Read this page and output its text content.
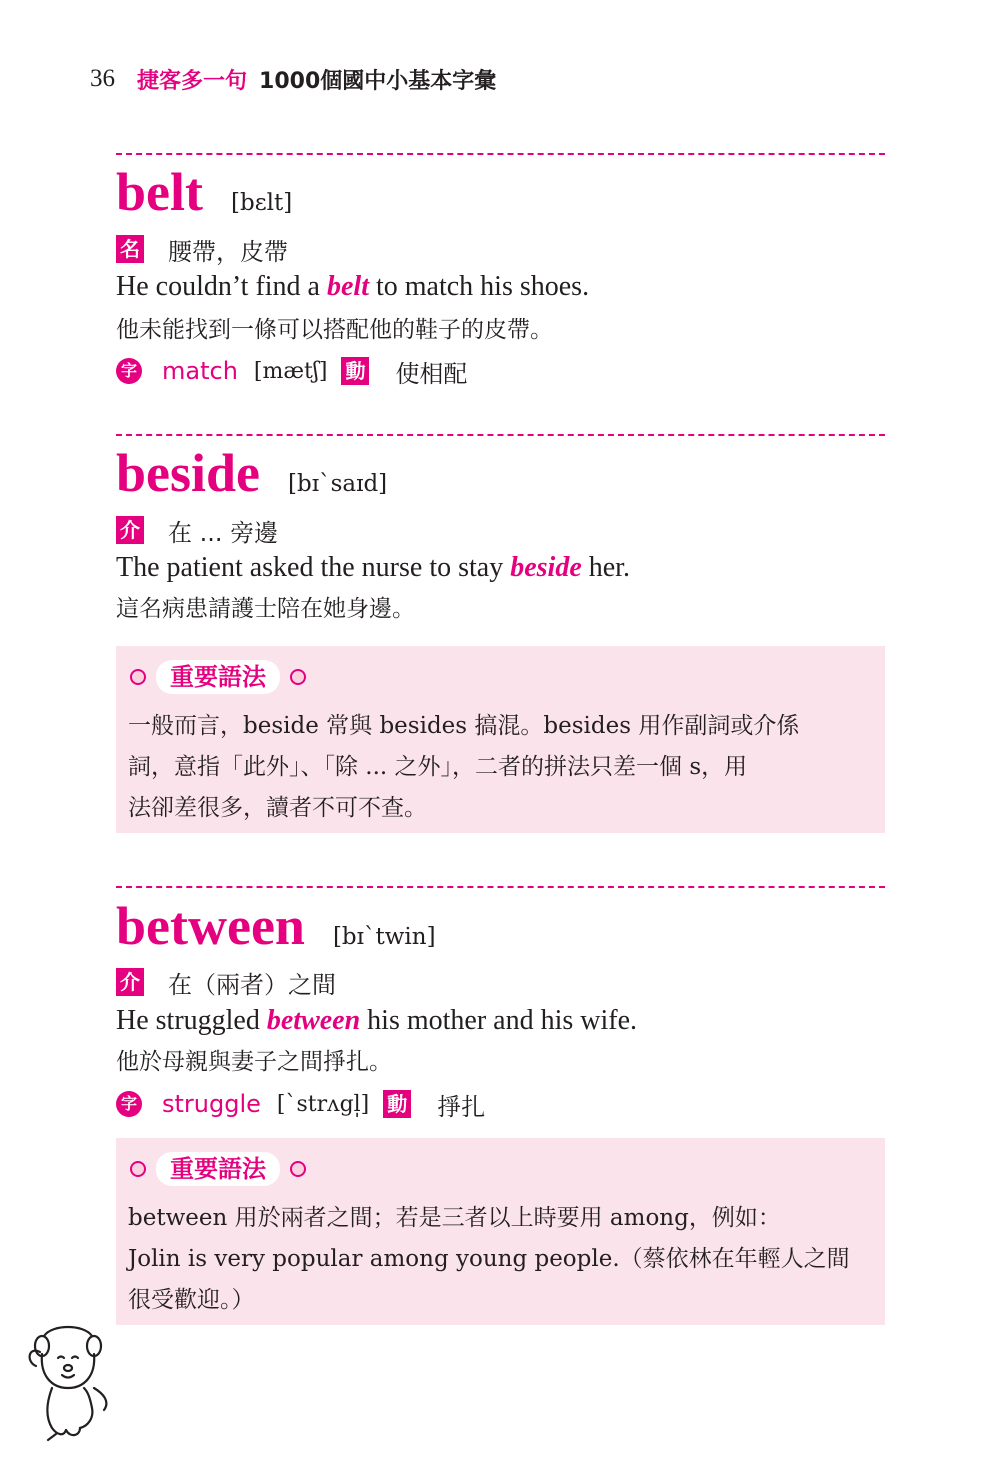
36 捷客多一句 1000個國中小基本字彙
belt [bɛlt]
名 腰帶，皮帶
He couldn’t find a belt to match his shoes.
他未能找到一條可以搭配他的鞋子的皮帶。
字 match [mætʃ] 動 使相配
beside [bɪˋsaɪd]
介 在 ... 旁邊
The patient asked the nurse to stay beside her.
這名病患請護士陪在她身邊。
重要語法
一般而言，beside 常與 besides 搞混。besides 用作副詞或介係
詞，意指「此外」、「除 ... 之外」，二者的拼法只差一個 s，用
法卻差很多，讀者不可不查。
between [bɪˋtwin]
介 在（兩者）之間
He struggled between his mother and his wife.
他於母親與妻子之間掙扎。
字 struggle [ˋstrʌgl̩] 動 掙扎
重要語法
between 用於兩者之間；若是三者以上時要用 among，例如：
Jolin is very popular among young people.（蔡依林在年輕人之間
很受歡迎。）
